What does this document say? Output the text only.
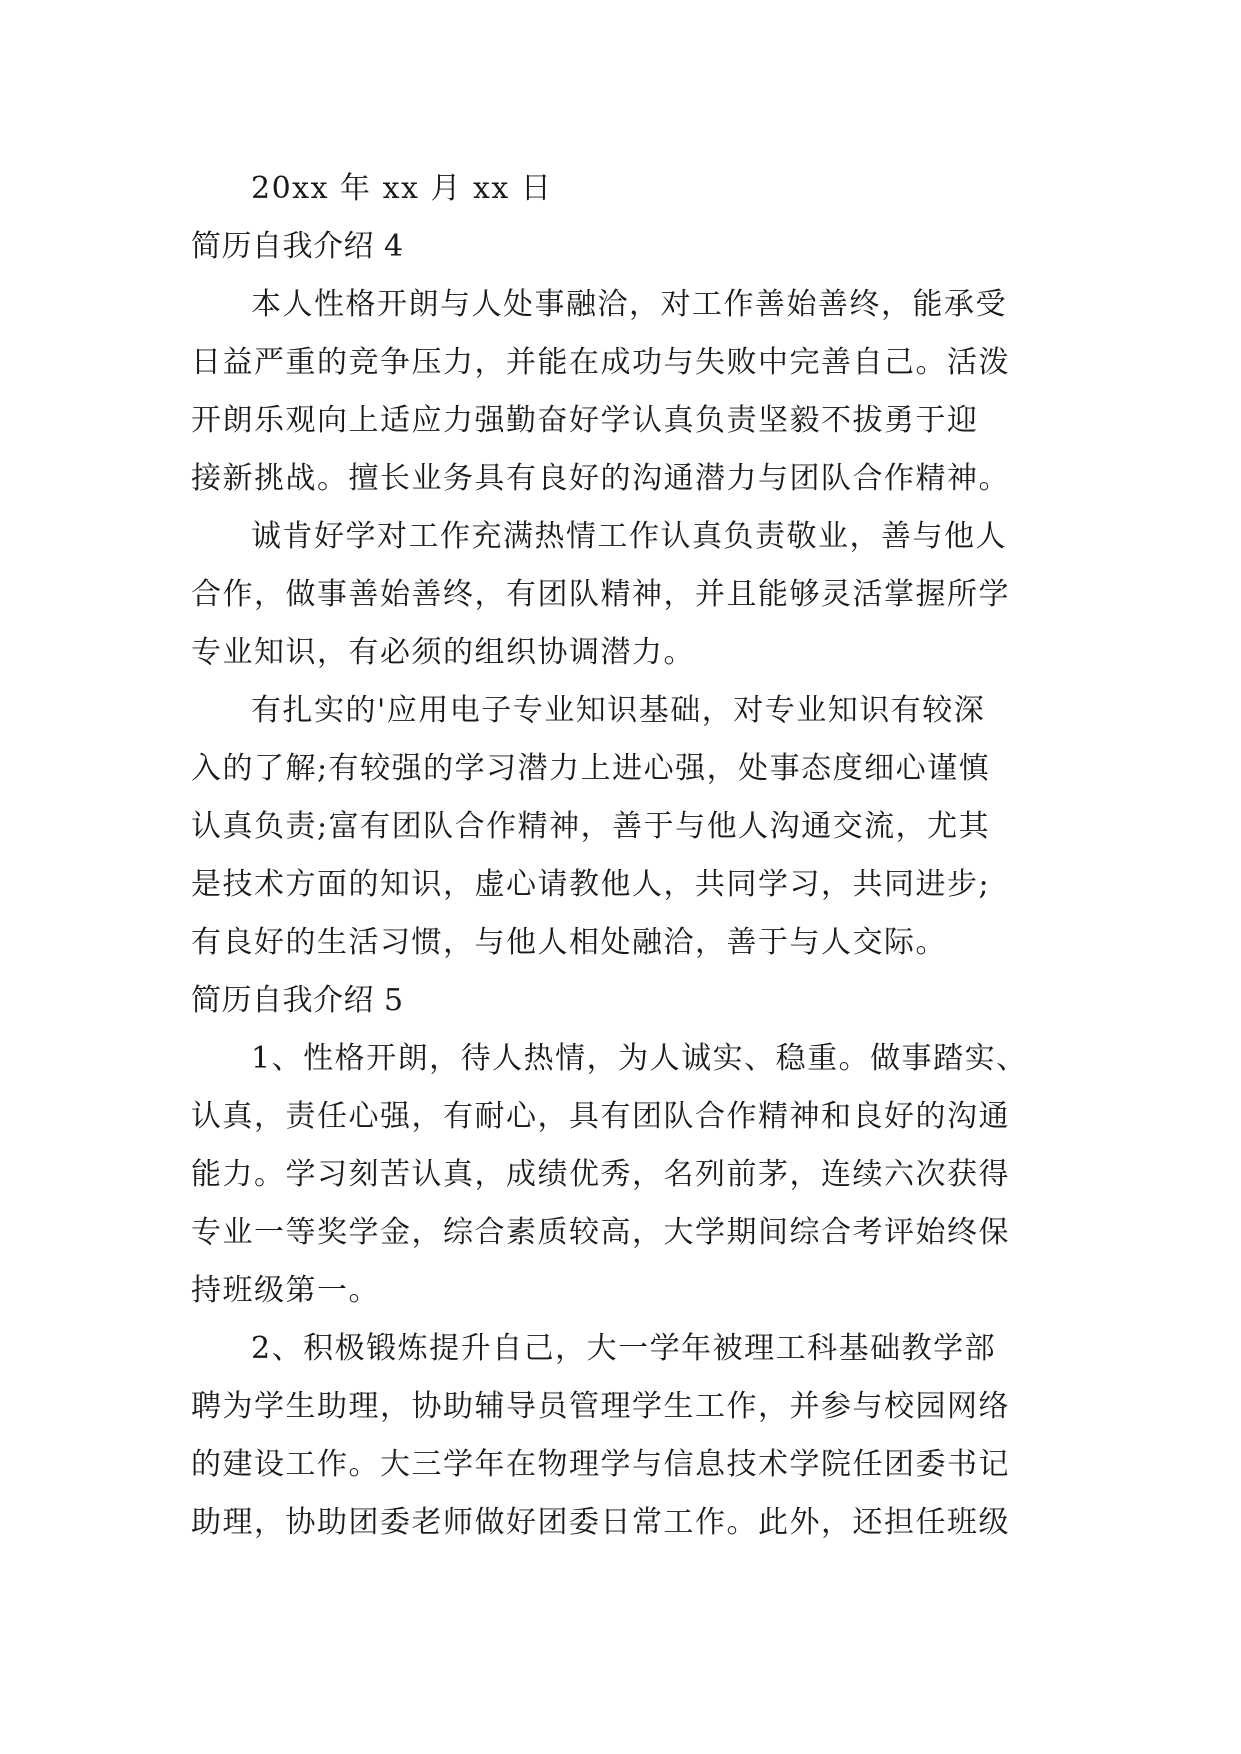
20xx 年 xx 月 xx 日
简历自我介绍 4
本人性格开朗与人处事融洽，对工作善始善终，能承受
日益严重的竞争压力，并能在成功与失败中完善自己。活泼
开朗乐观向上适应力强勤奋好学认真负责坚毅不拔勇于迎
接新挑战。擅长业务具有良好的沟通潜力与团队合作精神。
诚肯好学对工作充满热情工作认真负责敬业，善与他人
合作，做事善始善终，有团队精神，并且能够灵活掌握所学
专业知识，有必须的组织协调潜力。
有扎实的'应用电子专业知识基础，对专业知识有较深
入的了解;有较强的学习潜力上进心强，处事态度细心谨慎
认真负责;富有团队合作精神，善于与他人沟通交流，尤其
是技术方面的知识，虚心请教他人，共同学习，共同进步;
有良好的生活习惯，与他人相处融洽，善于与人交际。
简历自我介绍 5
1、性格开朗，待人热情，为人诚实、稳重。做事踏实、
认真，责任心强，有耐心，具有团队合作精神和良好的沟通
能力。学习刻苦认真，成绩优秀，名列前茅，连续六次获得
专业一等奖学金，综合素质较高，大学期间综合考评始终保
持班级第一。
2、积极锻炼提升自己，大一学年被理工科基础教学部
聘为学生助理，协助辅导员管理学生工作，并参与校园网络
的建设工作。大三学年在物理学与信息技术学院任团委书记
助理，协助团委老师做好团委日常工作。此外，还担任班级
